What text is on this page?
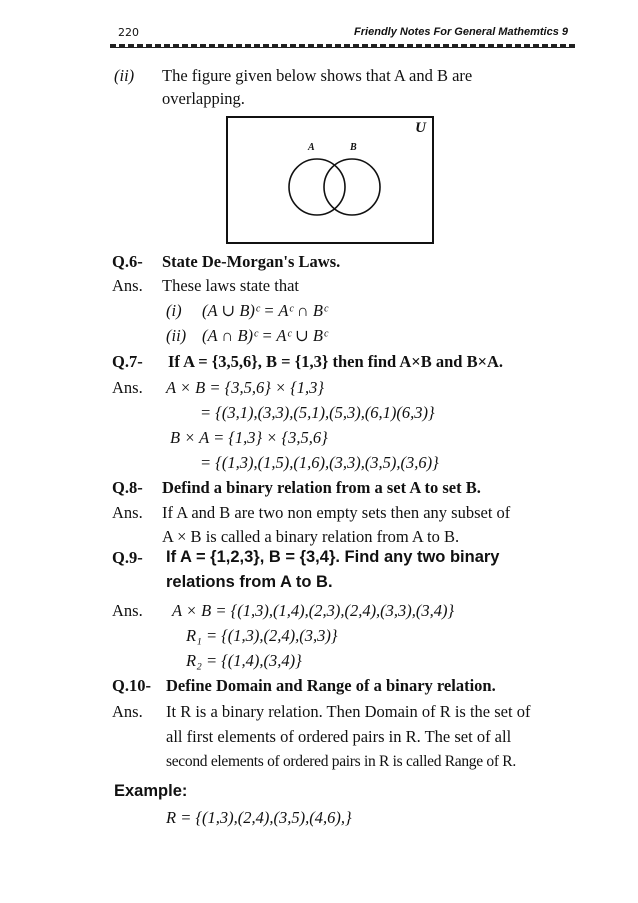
220	Friendly Notes For General Mathemtics 9
(ii) The figure given below shows that A and B are
overlapping.
U
A	B
Q.6- State De-Morgan's Laws.
Ans. These laws state that
(i) (A ∪ B)ᶜ = Aᶜ ∩ Bᶜ
(ii) (A ∩ B)ᶜ = Aᶜ ∪ Bᶜ
Q.7- If A = {3,5,6}, B = {1,3} then find A×B and B×A.
Ans. A × B = {3,5,6} × {1,3}
= {(3,1),(3,3),(5,1),(5,3),(6,1)(6,3)}
B × A = {1,3} × {3,5,6}
= {(1,3),(1,5),(1,6),(3,3),(3,5),(3,6)}
Q.8- Defind a binary relation from a set A to set B.
Ans. If A and B are two non empty sets then any subset of
A × B is called a binary relation from A to B.
Q.9- If A = {1,2,3}, B = {3,4}. Find any two binary
relations from A to B.
Ans. A × B = {(1,3),(1,4),(2,3),(2,4),(3,3),(3,4)}
R₁ = {(1,3),(2,4),(3,3)}
R₂ = {(1,4),(3,4)}
Q.10- Define Domain and Range of a binary relation.
Ans. It R is a binary relation. Then Domain of R is the set of
all first elements of ordered pairs in R. The set of all
second elements of ordered pairs in R is called Range of R.
Example:
R = {(1,3),(2,4),(3,5),(4,6),}
